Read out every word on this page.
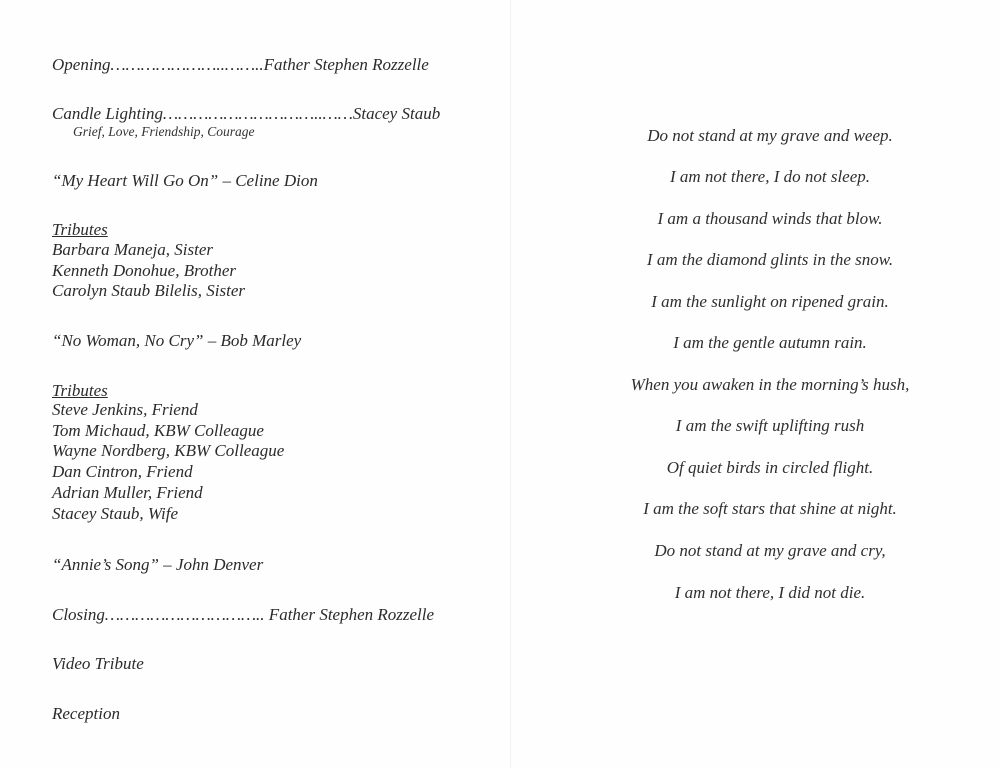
Opening…………………..……..Father Stephen Rozzelle
Candle Lighting…………………………..……Stacey Staub
Grief, Love, Friendship, Courage
“My Heart Will Go On” – Celine Dion
Tributes
Barbara Maneja, Sister
Kenneth Donohue, Brother
Carolyn Staub Bilelis, Sister
“No Woman, No Cry” – Bob Marley
Tributes
Steve Jenkins, Friend
Tom Michaud, KBW Colleague
Wayne Nordberg, KBW Colleague
Dan Cintron, Friend
Adrian Muller, Friend
Stacey Staub, Wife
“Annie’s Song” – John Denver
Closing………………………….. Father Stephen Rozzelle
Video Tribute
Reception
Do not stand at my grave and weep.
I am not there, I do not sleep.
I am a thousand winds that blow.
I am the diamond glints in the snow.
I am the sunlight on ripened grain.
I am the gentle autumn rain.
When you awaken in the morning’s hush,
I am the swift uplifting rush
Of quiet birds in circled flight.
I am the soft stars that shine at night.
Do not stand at my grave and cry,
I am not there, I did not die.
